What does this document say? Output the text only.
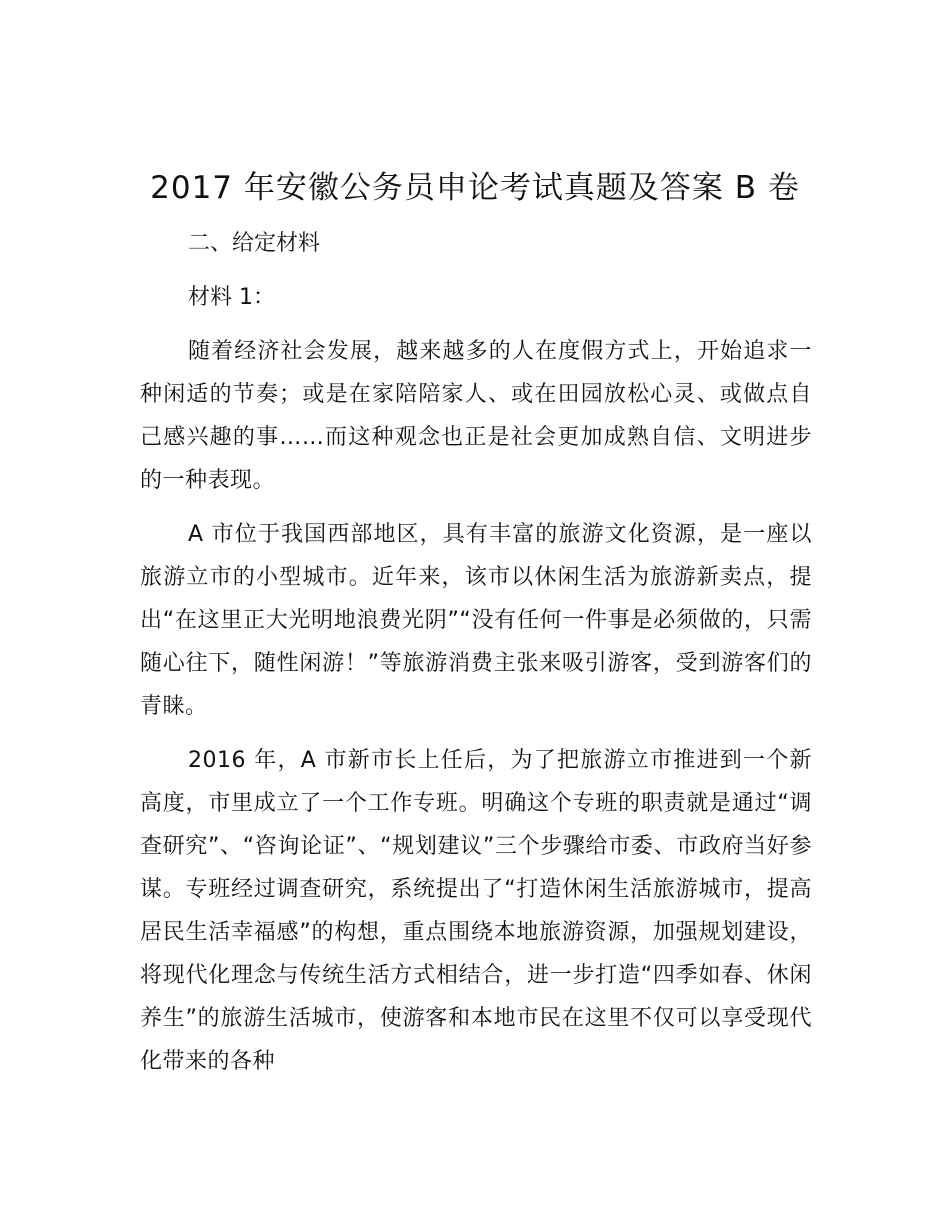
2017 年安徽公务员申论考试真题及答案 B 卷

二、给定材料

材料 1：

随着经济社会发展，越来越多的人在度假方式上，开始追求一种闲适的节奏；或是在家陪陪家人、或在田园放松心灵、或做点自己感兴趣的事……而这种观念也正是社会更加成熟自信、文明进步的一种表现。

A 市位于我国西部地区，具有丰富的旅游文化资源，是一座以旅游立市的小型城市。近年来，该市以休闲生活为旅游新卖点，提出“在这里正大光明地浪费光阴”“没有任何一件事是必须做的，只需随心往下，随性闲游！”等旅游消费主张来吸引游客，受到游客们的青睐。

2016 年，A 市新市长上任后，为了把旅游立市推进到一个新高度，市里成立了一个工作专班。明确这个专班的职责就是通过“调查研究”、“咨询论证”、“规划建议”三个步骤给市委、市政府当好参谋。专班经过调查研究，系统提出了“打造休闲生活旅游城市，提高居民生活幸福感”的构想，重点围绕本地旅游资源，加强规划建设，将现代化理念与传统生活方式相结合，进一步打造“四季如春、休闲养生”的旅游生活城市，使游客和本地市民在这里不仅可以享受现代化带来的各种
